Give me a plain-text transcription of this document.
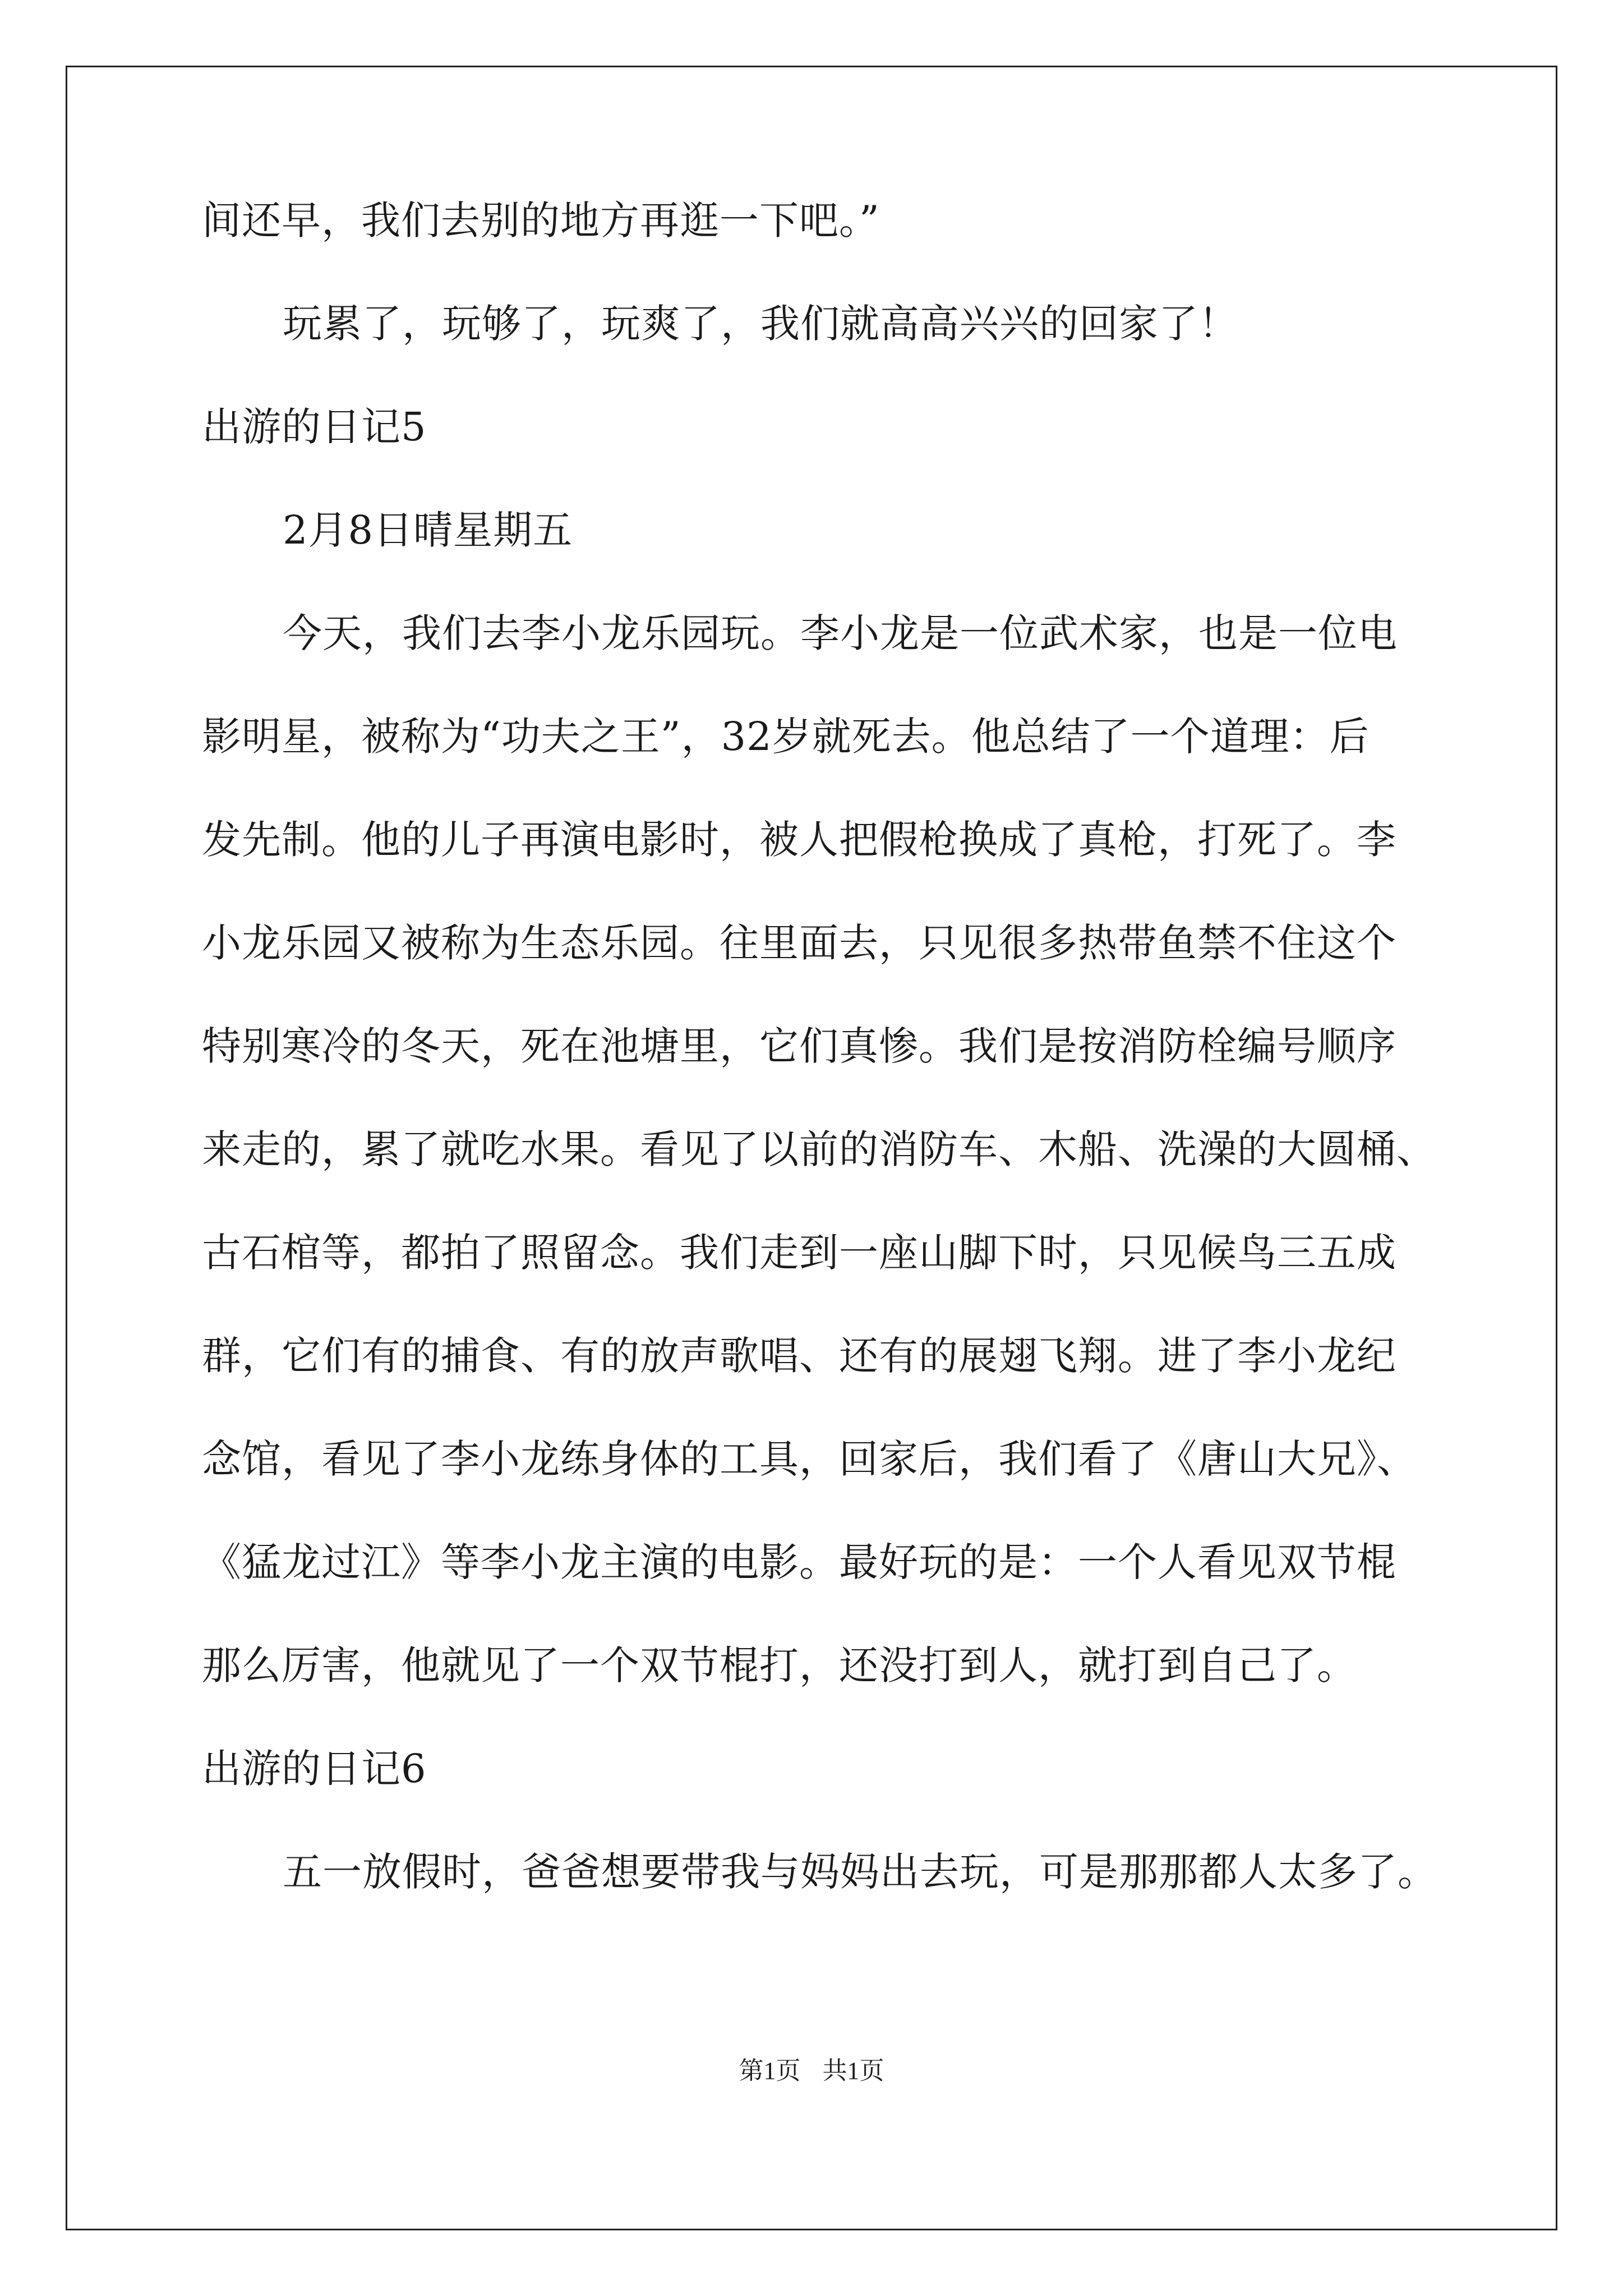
间还早，我们去别的地方再逛一下吧。”
玩累了，玩够了，玩爽了，我们就高高兴兴的回家了！
出游的日记5
2月8日晴星期五
今天，我们去李小龙乐园玩。李小龙是一位武术家，也是一位电
影明星，被称为“功夫之王”，32岁就死去。他总结了一个道理：后
发先制。他的儿子再演电影时，被人把假枪换成了真枪，打死了。李
小龙乐园又被称为生态乐园。往里面去，只见很多热带鱼禁不住这个
特别寒冷的冬天，死在池塘里，它们真惨。我们是按消防栓编号顺序
来走的，累了就吃水果。看见了以前的消防车、木船、洗澡的大圆桶、
古石棺等，都拍了照留念。我们走到一座山脚下时，只见候鸟三五成
群，它们有的捕食、有的放声歌唱、还有的展翅飞翔。进了李小龙纪
念馆，看见了李小龙练身体的工具，回家后，我们看了《唐山大兄》、
《猛龙过江》等李小龙主演的电影。最好玩的是：一个人看见双节棍
那么厉害，他就见了一个双节棍打，还没打到人，就打到自己了。
出游的日记6
五一放假时，爸爸想要带我与妈妈出去玩，可是那那都人太多了。
第1页 共1页
